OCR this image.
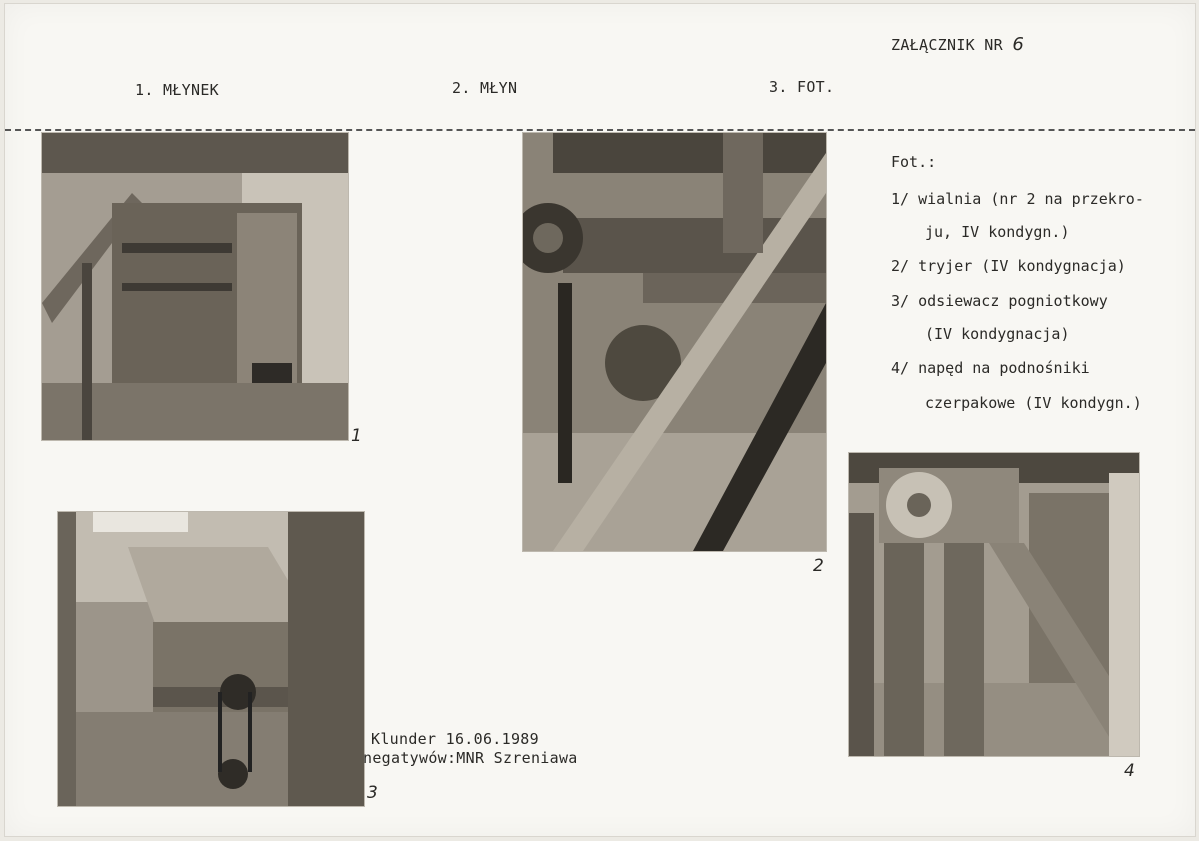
ZAŁĄCZNIK NR 6
1. MŁYNEK	2. MŁYN	3. FOT.
1
2
3
4
Fot.:
1/ wialnia (nr 2 na przekro-
ju, IV kondygn.)
2/ tryjer (IV kondygnacja)
3/ odsiewacz pogniotkowy
(IV kondygnacja)
4/ napęd na podnośniki
czerpakowe (IV kondygn.)
Klunder 16.06.1989
negatywów:MNR Szreniawa
